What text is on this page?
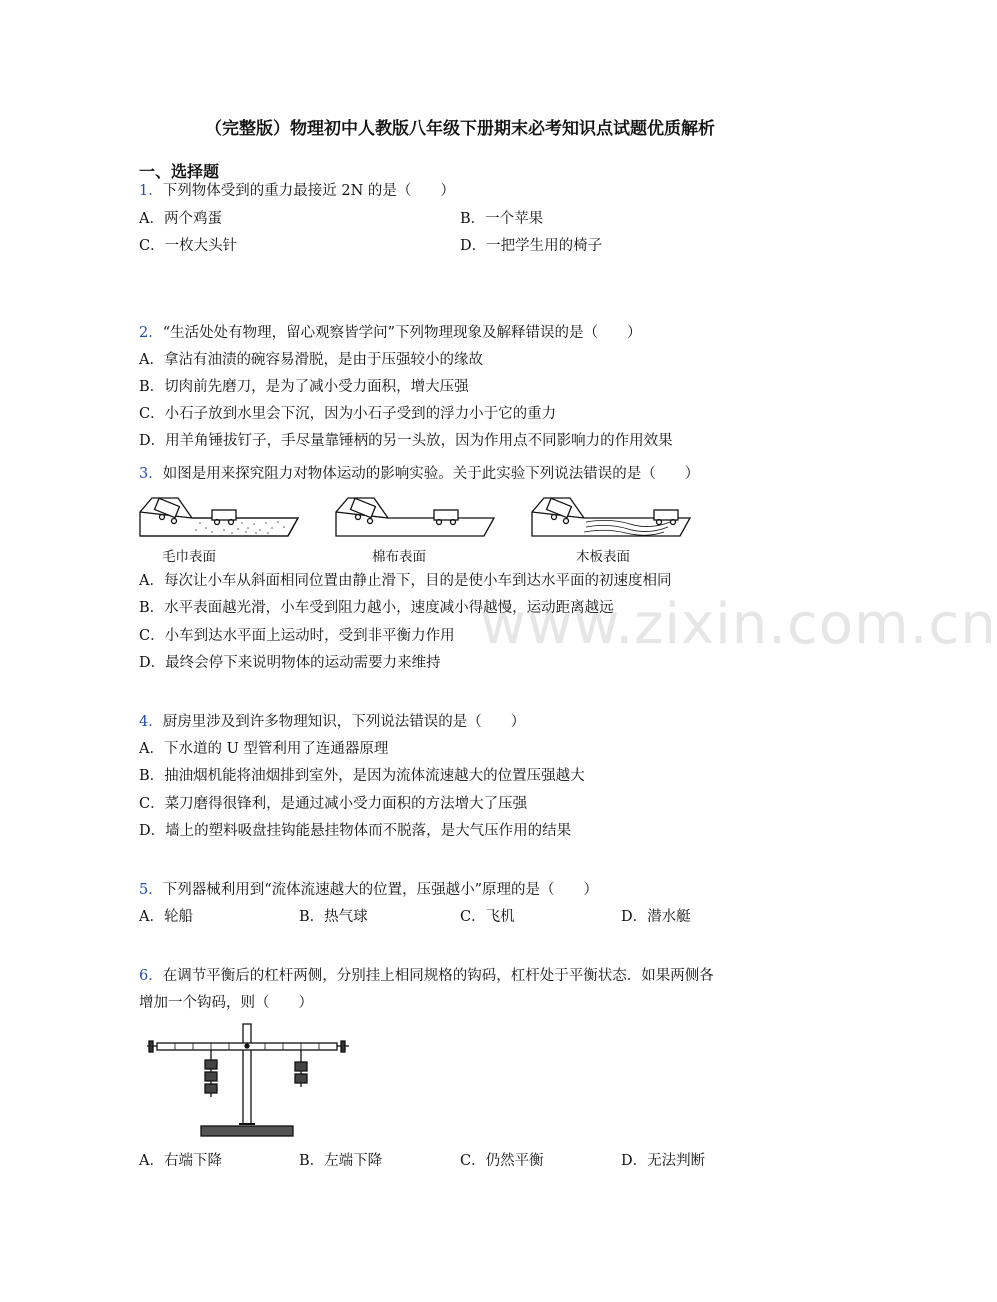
（完整版）物理初中人教版八年级下册期末必考知识点试题优质解析
一、选择题
www.zixin.com.cn
1．下列物体受到的重力最接近 2N 的是（　　）
A．两个鸡蛋	B．一个苹果
C．一枚大头针	D．一把学生用的椅子
2．“生活处处有物理，留心观察皆学问”下列物理现象及解释错误的是（　　）
A．拿沾有油渍的碗容易滑脱，是由于压强较小的缘故
B．切肉前先磨刀，是为了减小受力面积，增大压强
C．小石子放到水里会下沉，因为小石子受到的浮力小于它的重力
D．用羊角锤拔钉子，手尽量靠锤柄的另一头放，因为作用点不同影响力的作用效果
3．如图是用来探究阻力对物体运动的影响实验。关于此实验下列说法错误的是（　　）
毛巾表面	棉布表面	木板表面
A．每次让小车从斜面相同位置由静止滑下，目的是使小车到达水平面的初速度相同
B．水平表面越光滑，小车受到阻力越小，速度减小得越慢，运动距离越远
C．小车到达水平面上运动时，受到非平衡力作用
D．最终会停下来说明物体的运动需要力来维持
4．厨房里涉及到许多物理知识，下列说法错误的是（　　）
A．下水道的 U 型管利用了连通器原理
B．抽油烟机能将油烟排到室外，是因为流体流速越大的位置压强越大
C．菜刀磨得很锋利，是通过减小受力面积的方法增大了压强
D．墙上的塑料吸盘挂钩能悬挂物体而不脱落，是大气压作用的结果
5．下列器械利用到“流体流速越大的位置，压强越小”原理的是（　　）
A．轮船	B．热气球	C．飞机	D．潜水艇
6．在调节平衡后的杠杆两侧，分别挂上相同规格的钩码，杠杆处于平衡状态．如果两侧各
增加一个钩码，则（　　）
A．右端下降	B．左端下降	C．仍然平衡	D．无法判断
